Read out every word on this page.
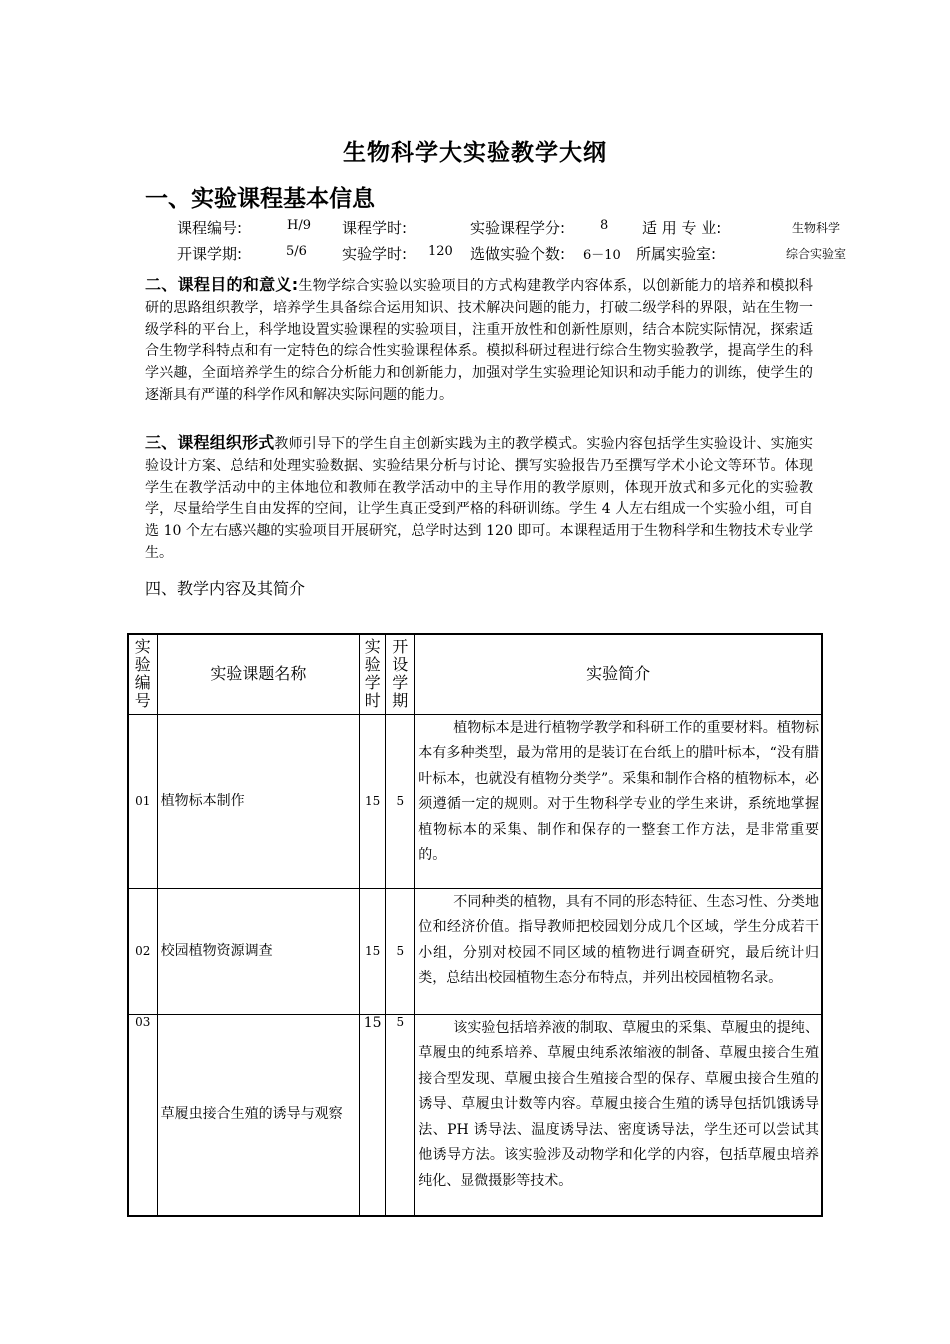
生物科学大实验教学大纲
一、实验课程基本信息
课程编号:	H/9 课程学时:	实验课程学分:	8 适 用 专 业:	生物科学
开课学期:	5/6 实验学时: 120 选做实验个数: 6－10 所属实验室:	综合实验室

二、课程目的和意义:生物学综合实验以实验项目的方式构建教学内容体系，以创新能力的培养和模拟科研的思路组织教学，培养学生具备综合运用知识、技术解决问题的能力，打破二级学科的界限，站在生物一级学科的平台上，科学地设置实验课程的实验项目，注重开放性和创新性原则，结合本院实际情况，探索适合生物学科特点和有一定特色的综合性实验课程体系。模拟科研过程进行综合生物实验教学，提高学生的科学兴趣，全面培养学生的综合分析能力和创新能力，加强对学生实验理论知识和动手能力的训练，使学生的逐渐具有严谨的科学作风和解决实际问题的能力。

三、课程组织形式教师引导下的学生自主创新实践为主的教学模式。实验内容包括学生实验设计、实施实验设计方案、总结和处理实验数据、实验结果分析与讨论、撰写实验报告乃至撰写学术小论文等环节。体现学生在教学活动中的主体地位和教师在教学活动中的主导作用的教学原则，体现开放式和多元化的实验教学，尽量给学生自由发挥的空间，让学生真正受到严格的科研训练。学生 4 人左右组成一个实验小组，可自选 10 个左右感兴趣的实验项目开展研究，总学时达到 120 即可。本课程适用于生物科学和生物技术专业学生。

四、教学内容及其简介
实验编号	实验课题名称	实验学时	开设学期	实验简介
01	植物标本制作	15	5	植物标本是进行植物学教学和科研工作的重要材料。植物标本有多种类型，最为常用的是装订在台纸上的腊叶标本，“没有腊叶标本，也就没有植物分类学”。采集和制作合格的植物标本，必须遵循一定的规则。对于生物科学专业的学生来讲，系统地掌握植物标本的采集、制作和保存的一整套工作方法，是非常重要的。

02	校园植物资源调查	15	5	不同种类的植物，具有不同的形态特征、生态习性、分类地位和经济价值。指导教师把校园划分成几个区域，学生分成若干小组，分别对校园不同区域的植物进行调查研究，最后统计归类，总结出校园植物生态分布特点，并列出校园植物名录。

03	草履虫接合生殖的诱导与观察	15	5	该实验包括培养液的制取、草履虫的采集、草履虫的提纯、草履虫的纯系培养、草履虫纯系浓缩液的制备、草履虫接合生殖接合型发现、草履虫接合生殖接合型的保存、草履虫接合生殖的诱导、草履虫计数等内容。草履虫接合生殖的诱导包括饥饿诱导法、PH 诱导法、温度诱导法、密度诱导法，学生还可以尝试其他诱导方法。该实验涉及动物学和化学的内容，包括草履虫培养纯化、显微摄影等技术。
